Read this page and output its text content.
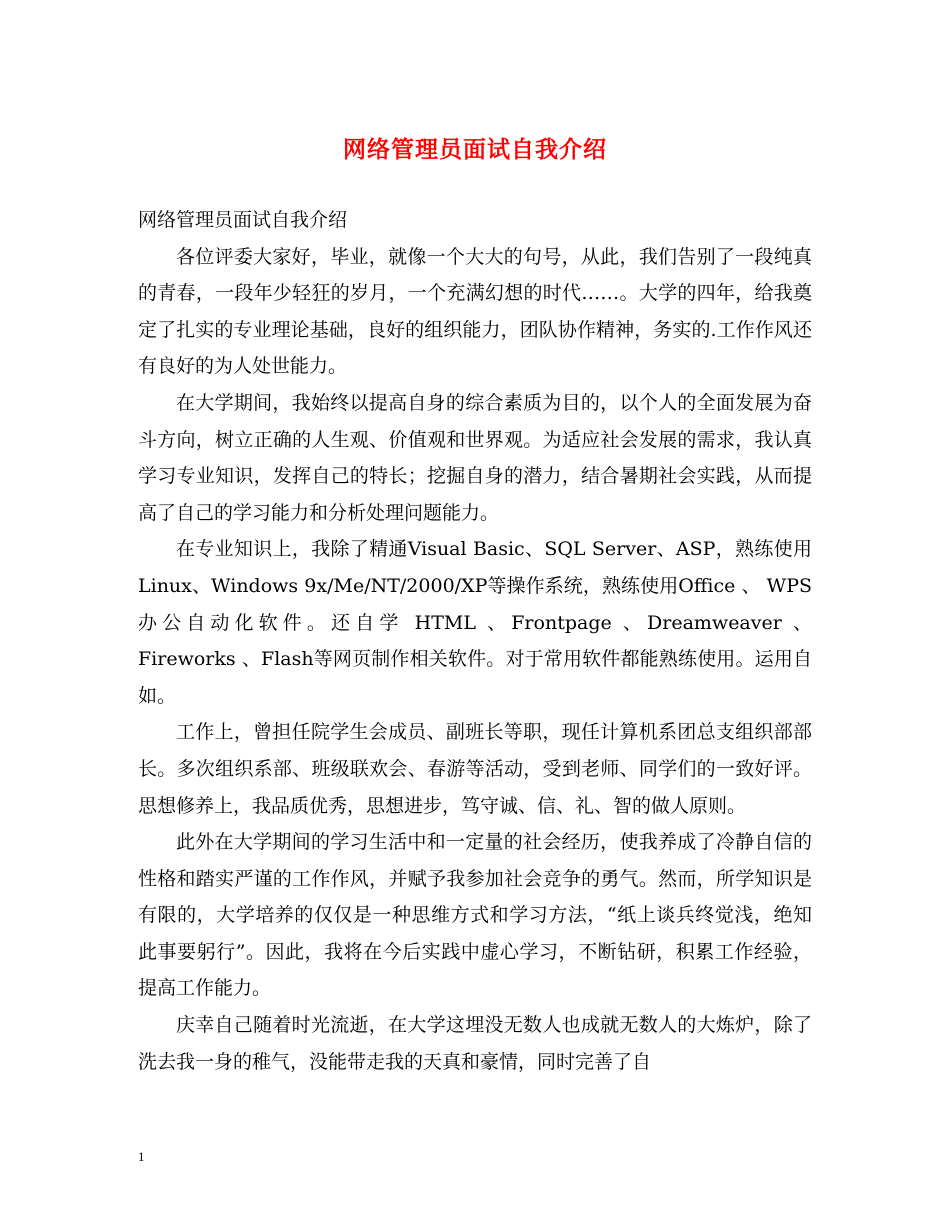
网络管理员面试自我介绍

网络管理员面试自我介绍

各位评委大家好，毕业，就像一个大大的句号，从此，我们告别了一段纯真的青春，一段年少轻狂的岁月，一个充满幻想的时代……。大学的四年，给我奠定了扎实的专业理论基础，良好的组织能力，团队协作精神，务实的.工作作风还有良好的为人处世能力。

在大学期间，我始终以提高自身的综合素质为目的，以个人的全面发展为奋斗方向，树立正确的人生观、价值观和世界观。为适应社会发展的需求，我认真学习专业知识，发挥自己的特长；挖掘自身的潜力，结合暑期社会实践，从而提高了自己的学习能力和分析处理问题能力。

在专业知识上，我除了精通Visual Basic、SQL Server、ASP，熟练使用Linux、Windows 9x/Me/NT/2000/XP等操作系统，熟练使用Office 、 WPS 办公自动化软件。还自学 HTML 、Frontpage 、Dreamweaver 、Fireworks 、Flash等网页制作相关软件。对于常用软件都能熟练使用。运用自如。

工作上，曾担任院学生会成员、副班长等职，现任计算机系团总支组织部部长。多次组织系部、班级联欢会、春游等活动，受到老师、同学们的一致好评。思想修养上，我品质优秀，思想进步，笃守诚、信、礼、智的做人原则。

此外在大学期间的学习生活中和一定量的社会经历，使我养成了冷静自信的性格和踏实严谨的工作作风，并赋予我参加社会竞争的勇气。然而，所学知识是有限的，大学培养的仅仅是一种思维方式和学习方法，“纸上谈兵终觉浅，绝知此事要躬行”。因此，我将在今后实践中虚心学习，不断钻研，积累工作经验，提高工作能力。

庆幸自己随着时光流逝，在大学这埋没无数人也成就无数人的大炼炉，除了洗去我一身的稚气，没能带走我的天真和豪情，同时完善了自

1
